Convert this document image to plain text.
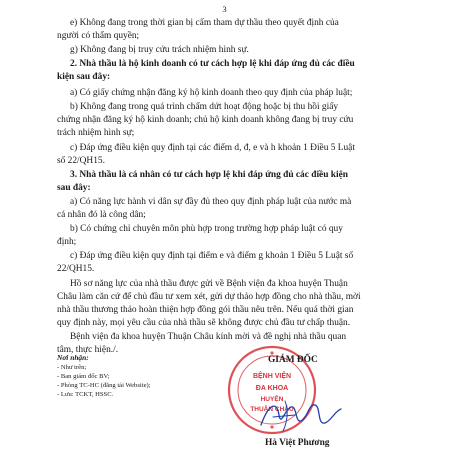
3
e) Không đang trong thời gian bị cấm tham dự thầu theo quyết định của
người có thẩm quyền;
g) Không đang bị truy cứu trách nhiệm hình sự.
2. Nhà thầu là hộ kinh doanh có tư cách hợp lệ khi đáp ứng đủ các điều
kiện sau đây:
a) Có giấy chứng nhận đăng ký hộ kinh doanh theo quy định của pháp luật;
b) Không đang trong quá trình chấm dứt hoạt động hoặc bị thu hồi giấy
chứng nhận đăng ký hộ kinh doanh; chủ hộ kinh doanh không đang bị truy cứu
trách nhiệm hình sự;
c) Đáp ứng điều kiện quy định tại các điểm d, đ, e và h khoản 1 Điều 5 Luật
số 22/QH15.
3. Nhà thầu là cá nhân có tư cách hợp lệ khi đáp ứng đủ các điều kiện
sau đây:
a) Có năng lực hành vi dân sự đầy đủ theo quy định pháp luật của nước mà
cá nhân đó là công dân;
b) Có chứng chỉ chuyên môn phù hợp trong trường hợp pháp luật có quy
định;
c) Đáp ứng điều kiện quy định tại điểm e và điểm g khoản 1 Điều 5 Luật số
22/QH15.
Hồ sơ năng lực của nhà thầu được gửi về Bệnh viện đa khoa huyện Thuận
Châu làm căn cứ để chủ đầu tư xem xét, gửi dự thảo hợp đồng cho nhà thầu, mời
nhà thầu thương thảo hoàn thiện hợp đồng gói thầu nêu trên. Nếu quá thời gian
quy định này, mọi yêu cầu của nhà thầu sẽ không được chủ đầu tư chấp thuận.
Bệnh viện đa khoa huyện Thuận Châu kính mời và đề nghị nhà thầu quan
tâm, thực hiện./.
Nơi nhận:
- Như trên;
- Ban giám đốc BV;
- Phòng TC-HC (đăng tải Website);
- Lưu: TCKT, HSSC.
BỆNH VIỆN
ĐA KHOA
HUYỆN
THUẬN CHÂU
GIÁM ĐỐC
Hà Việt Phương
